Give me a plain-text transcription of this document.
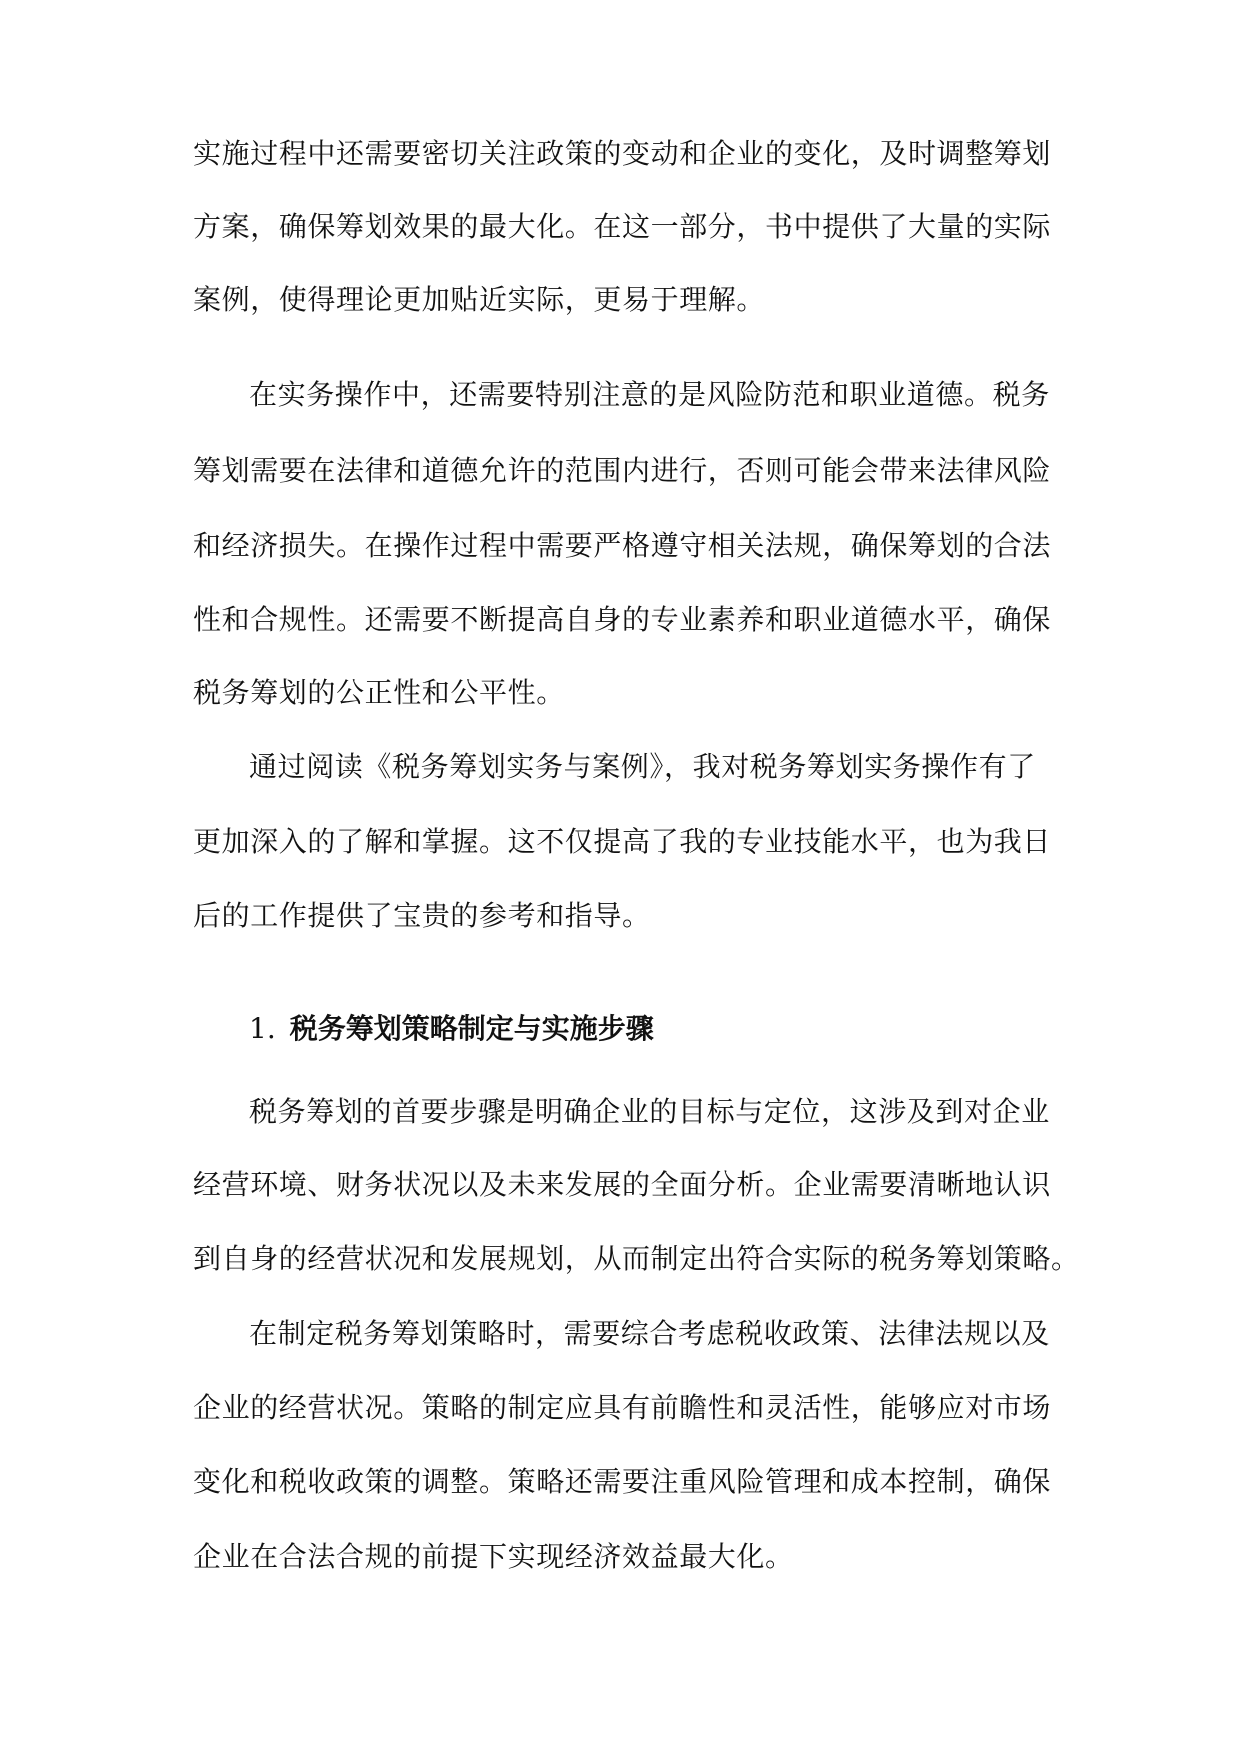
实施过程中还需要密切关注政策的变动和企业的变化，及时调整筹划
方案，确保筹划效果的最大化。在这一部分，书中提供了大量的实际
案例，使得理论更加贴近实际，更易于理解。
在实务操作中，还需要特别注意的是风险防范和职业道德。税务
筹划需要在法律和道德允许的范围内进行，否则可能会带来法律风险
和经济损失。在操作过程中需要严格遵守相关法规，确保筹划的合法
性和合规性。还需要不断提高自身的专业素养和职业道德水平，确保
税务筹划的公正性和公平性。
通过阅读《税务筹划实务与案例》，我对税务筹划实务操作有了
更加深入的了解和掌握。这不仅提高了我的专业技能水平，也为我日
后的工作提供了宝贵的参考和指导。
1. 税务筹划策略制定与实施步骤
税务筹划的首要步骤是明确企业的目标与定位，这涉及到对企业
经营环境、财务状况以及未来发展的全面分析。企业需要清晰地认识
到自身的经营状况和发展规划，从而制定出符合实际的税务筹划策略。
在制定税务筹划策略时，需要综合考虑税收政策、法律法规以及
企业的经营状况。策略的制定应具有前瞻性和灵活性，能够应对市场
变化和税收政策的调整。策略还需要注重风险管理和成本控制，确保
企业在合法合规的前提下实现经济效益最大化。
